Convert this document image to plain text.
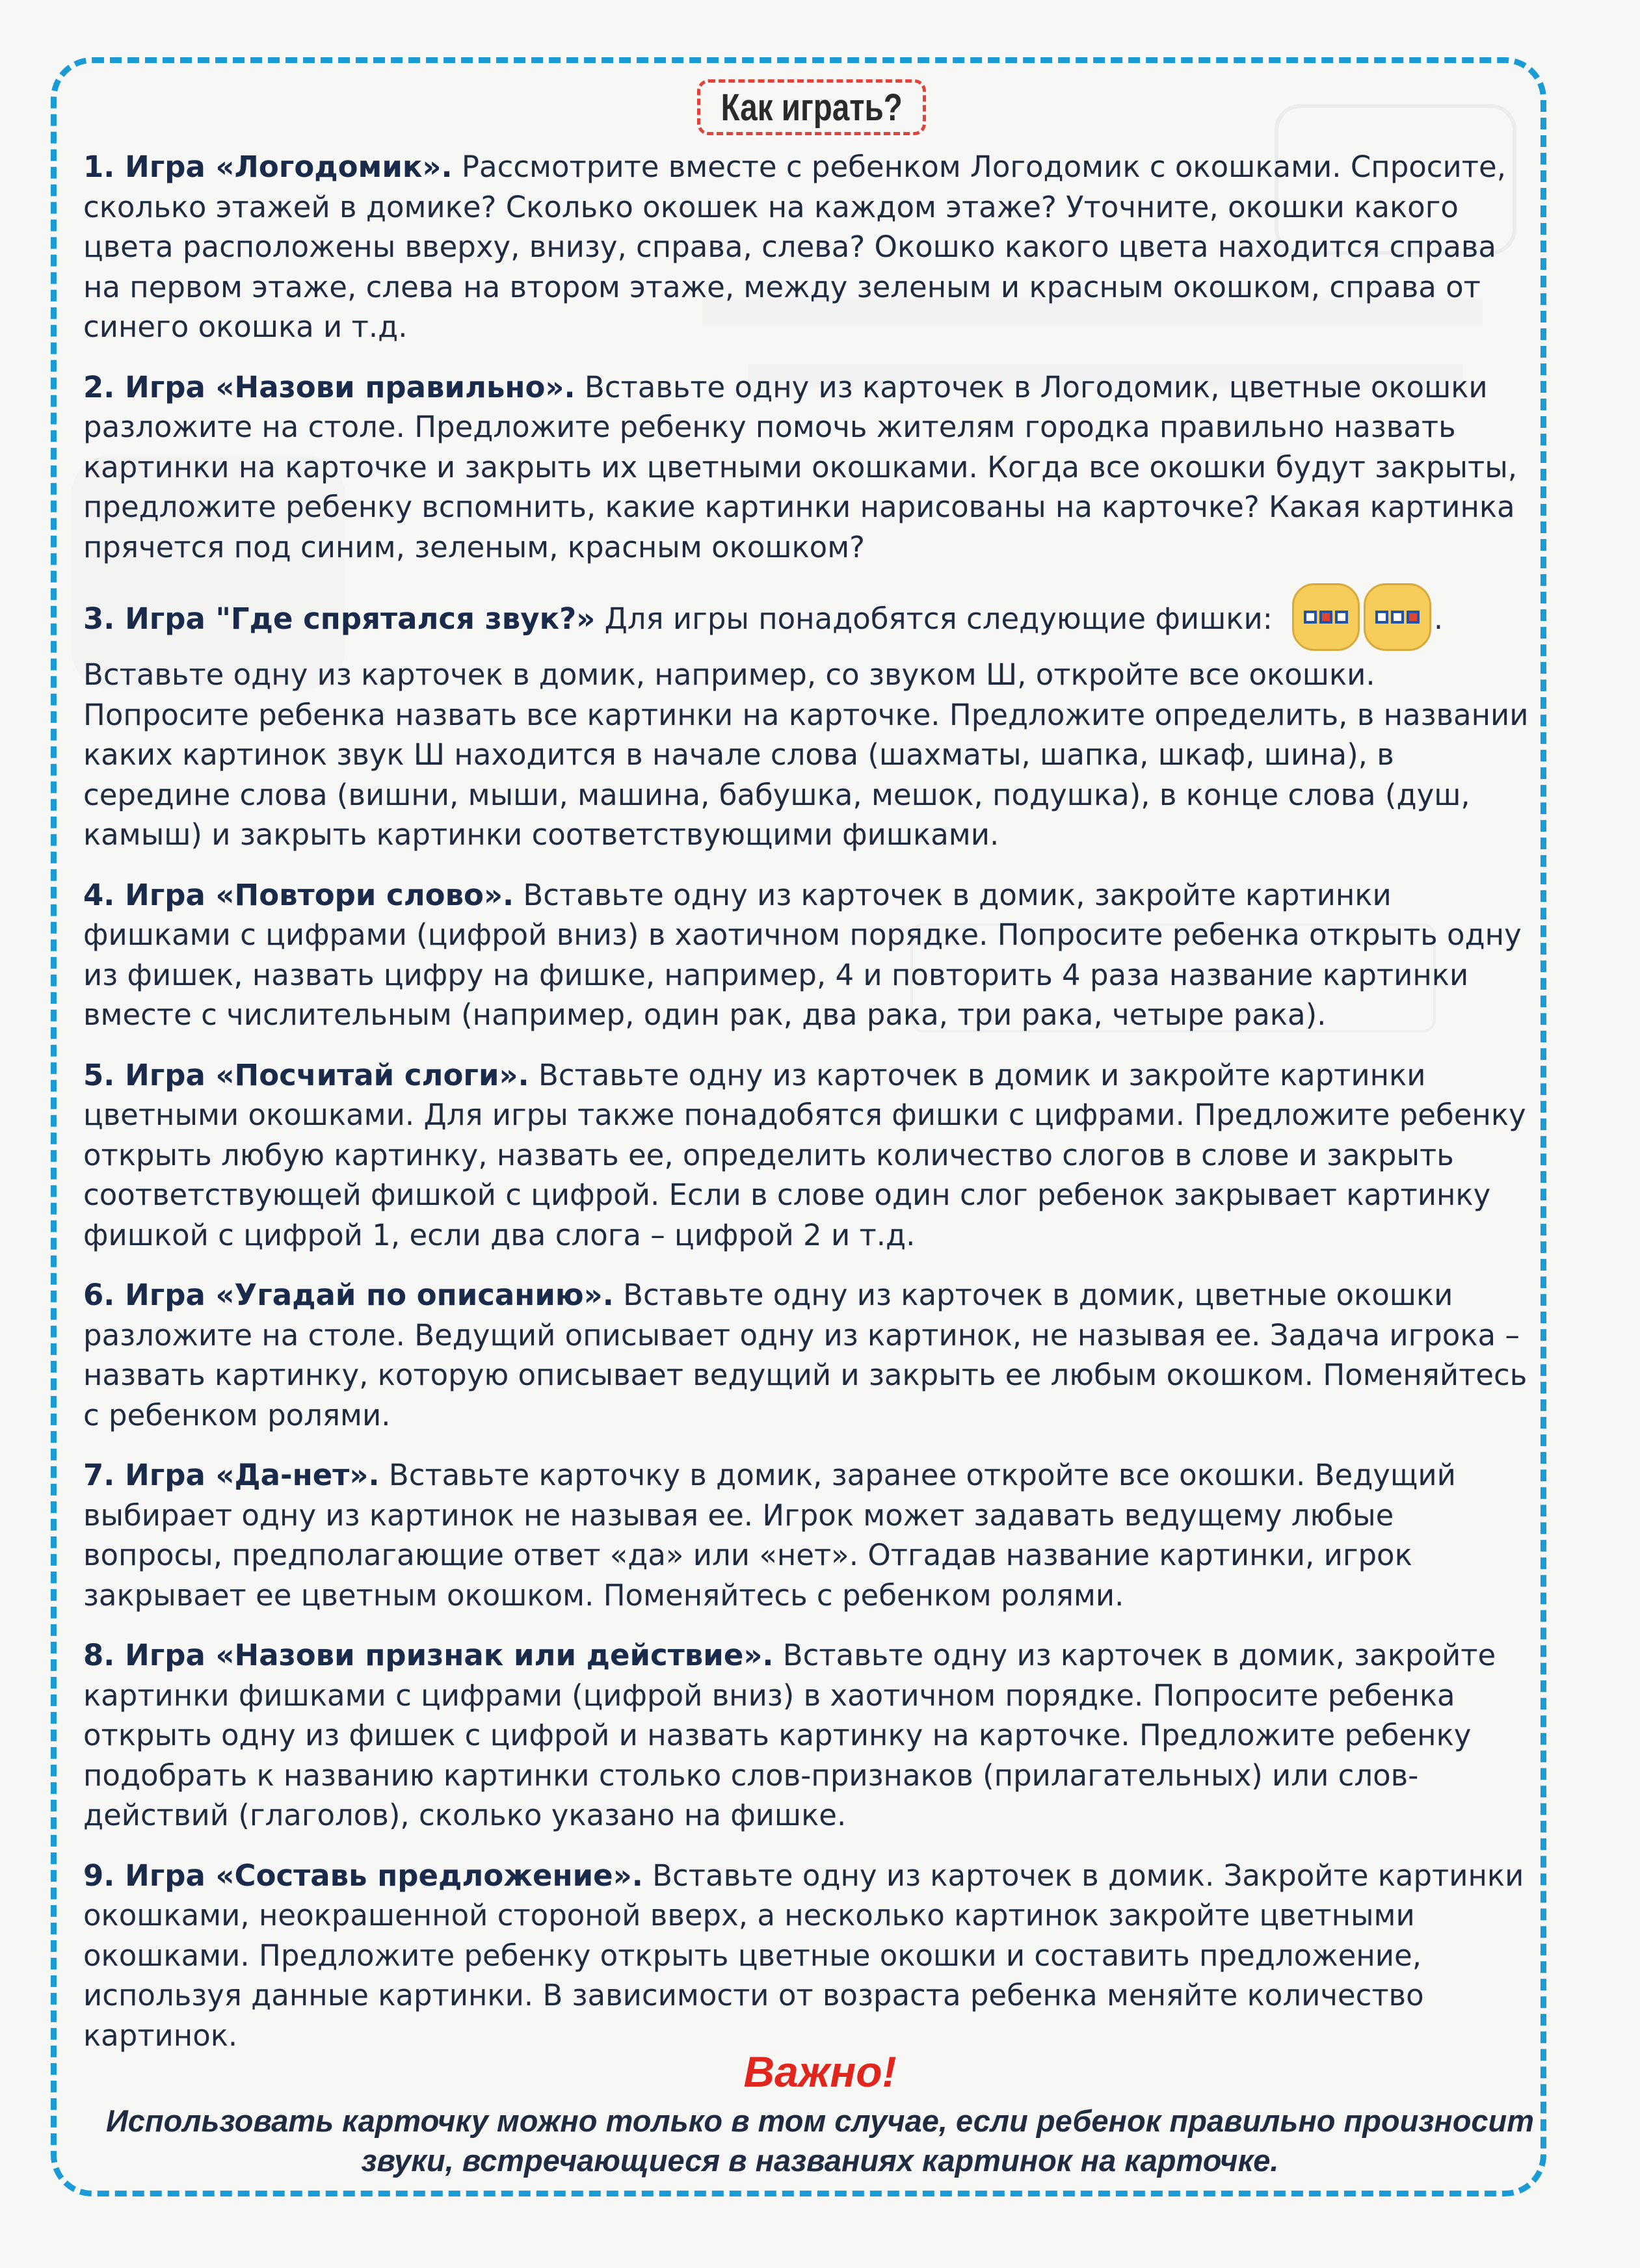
Как играть?

1. Игра «Логодомик». Рассмотрите вместе с ребенком Логодомик с окошками. Спросите, сколько этажей в домике? Сколько окошек на каждом этаже? Уточните, окошки какого цвета расположены вверху, внизу, справа, слева? Окошко какого цвета находится справа на первом этаже, слева на втором этаже, между зеленым и красным окошком, справа от синего окошка и т.д.

2. Игра «Назови правильно». Вставьте одну из карточек в Логодомик, цветные окошки разложите на столе. Предложите ребенку помочь жителям городка правильно назвать картинки на карточке и закрыть их цветными окошками. Когда все окошки будут закрыты, предложите ребенку вспомнить, какие картинки нарисованы на карточке? Какая картинка прячется под синим, зеленым, красным окошком?

3. Игра "Где спрятался звук?» Для игры понадобятся следующие фишки:	. Вставьте одну из карточек в домик, например, со звуком Ш, откройте все окошки. Попросите ребенка назвать все картинки на карточке. Предложите определить, в названии каких картинок звук Ш находится в начале слова (шахматы, шапка, шкаф, шина), в середине слова (вишни, мыши, машина, бабушка, мешок, подушка), в конце слова (душ, камыш) и закрыть картинки соответствующими фишками.

4. Игра «Повтори слово». Вставьте одну из карточек в домик, закройте картинки фишками с цифрами (цифрой вниз) в хаотичном порядке. Попросите ребенка открыть одну из фишек, назвать цифру на фишке, например, 4 и повторить 4 раза название картинки вместе с числительным (например, один рак, два рака, три рака, четыре рака).

5. Игра «Посчитай слоги». Вставьте одну из карточек в домик и закройте картинки цветными окошками. Для игры также понадобятся фишки с цифрами. Предложите ребенку открыть любую картинку, назвать ее, определить количество слогов в слове и закрыть соответствующей фишкой с цифрой. Если в слове один слог ребенок закрывает картинку фишкой с цифрой 1, если два слога – цифрой 2 и т.д.

6. Игра «Угадай по описанию». Вставьте одну из карточек в домик, цветные окошки разложите на столе. Ведущий описывает одну из картинок, не называя ее. Задача игрока – назвать картинку, которую описывает ведущий и закрыть ее любым окошком. Поменяйтесь с ребенком ролями.

7. Игра «Да-нет». Вставьте карточку в домик, заранее откройте все окошки. Ведущий выбирает одну из картинок не называя ее. Игрок может задавать ведущему любые вопросы, предполагающие ответ «да» или «нет». Отгадав название картинки, игрок закрывает ее цветным окошком. Поменяйтесь с ребенком ролями.

8. Игра «Назови признак или действие». Вставьте одну из карточек в домик, закройте картинки фишками с цифрами (цифрой вниз) в хаотичном порядке. Попросите ребенка открыть одну из фишек с цифрой и назвать картинку на карточке. Предложите ребенку подобрать к названию картинки столько слов-признаков (прилагательных) или слов-действий (глаголов), сколько указано на фишке.

9. Игра «Составь предложение». Вставьте одну из карточек в домик. Закройте картинки окошками, неокрашенной стороной вверх, а несколько картинок закройте цветными окошками. Предложите ребенку открыть цветные окошки и составить предложение, используя данные картинки. В зависимости от возраста ребенка меняйте количество картинок.

Важно!
Использовать карточку можно только в том случае, если ребенок правильно произносит звуки, встречающиеся в названиях картинок на карточке.
